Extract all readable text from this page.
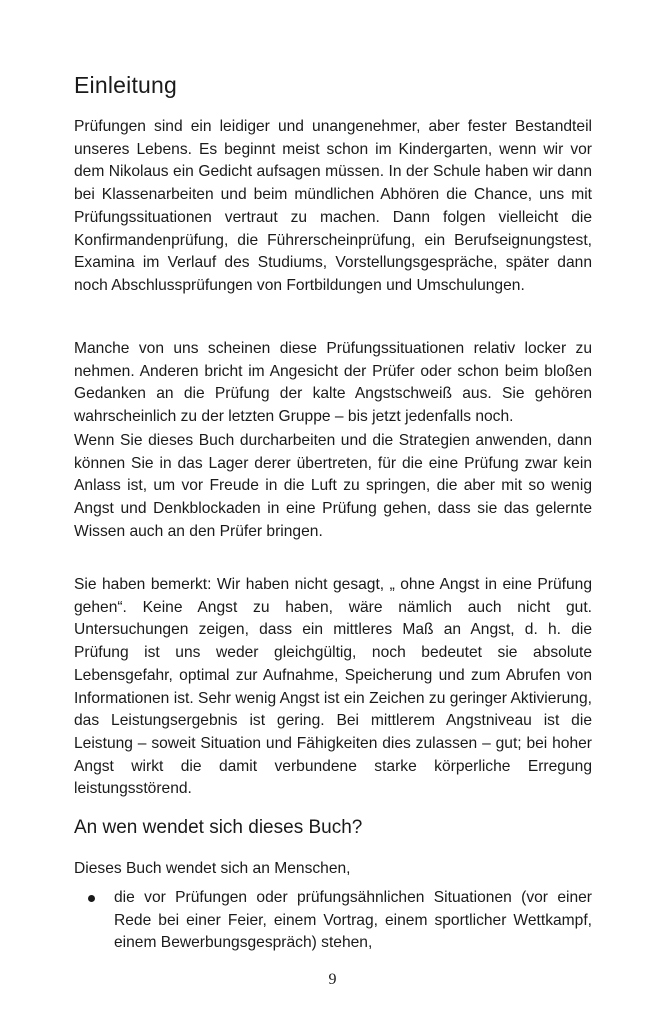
Einleitung

Prüfungen sind ein leidiger und unangenehmer, aber fester Bestandteil unseres Lebens. Es beginnt meist schon im Kindergarten, wenn wir vor dem Nikolaus ein Gedicht aufsagen müssen. In der Schule haben wir dann bei Klassenarbeiten und beim mündlichen Abhören die Chance, uns mit Prüfungssituationen vertraut zu machen. Dann folgen vielleicht die Konfirmandenprüfung, die Führerscheinprüfung, ein Berufseignungstest, Examina im Verlauf des Studiums, Vorstellungsgespräche, später dann noch Abschlussprüfungen von Fortbildungen und Umschulungen.

Manche von uns scheinen diese Prüfungssituationen relativ locker zu nehmen. Anderen bricht im Angesicht der Prüfer oder schon beim bloßen Gedanken an die Prüfung der kalte Angstschweiß aus. Sie gehören wahrscheinlich zu der letzten Gruppe – bis jetzt jedenfalls noch.

Wenn Sie dieses Buch durcharbeiten und die Strategien anwenden, dann können Sie in das Lager derer übertreten, für die eine Prüfung zwar kein Anlass ist, um vor Freude in die Luft zu springen, die aber mit so wenig Angst und Denkblockaden in eine Prüfung gehen, dass sie das gelernte Wissen auch an den Prüfer bringen.

Sie haben bemerkt: Wir haben nicht gesagt, „ ohne Angst in eine Prüfung gehen“. Keine Angst zu haben, wäre nämlich auch nicht gut. Untersuchungen zeigen, dass ein mittleres Maß an Angst, d. h. die Prüfung ist uns weder gleichgültig, noch bedeutet sie absolute Lebensgefahr, optimal zur Aufnahme, Speicherung und zum Abrufen von Informationen ist. Sehr wenig Angst ist ein Zeichen zu geringer Aktivierung, das Leistungsergebnis ist gering. Bei mittlerem Angstniveau ist die Leistung – soweit Situation und Fähigkeiten dies zulassen – gut; bei hoher Angst wirkt die damit verbundene starke körperliche Erregung leistungsstörend.

An wen wendet sich dieses Buch?

Dieses Buch wendet sich an Menschen,

die vor Prüfungen oder prüfungsähnlichen Situationen (vor einer Rede bei einer Feier, einem Vortrag, einem sportlicher Wettkampf, einem Bewerbungsgespräch) stehen,
9
